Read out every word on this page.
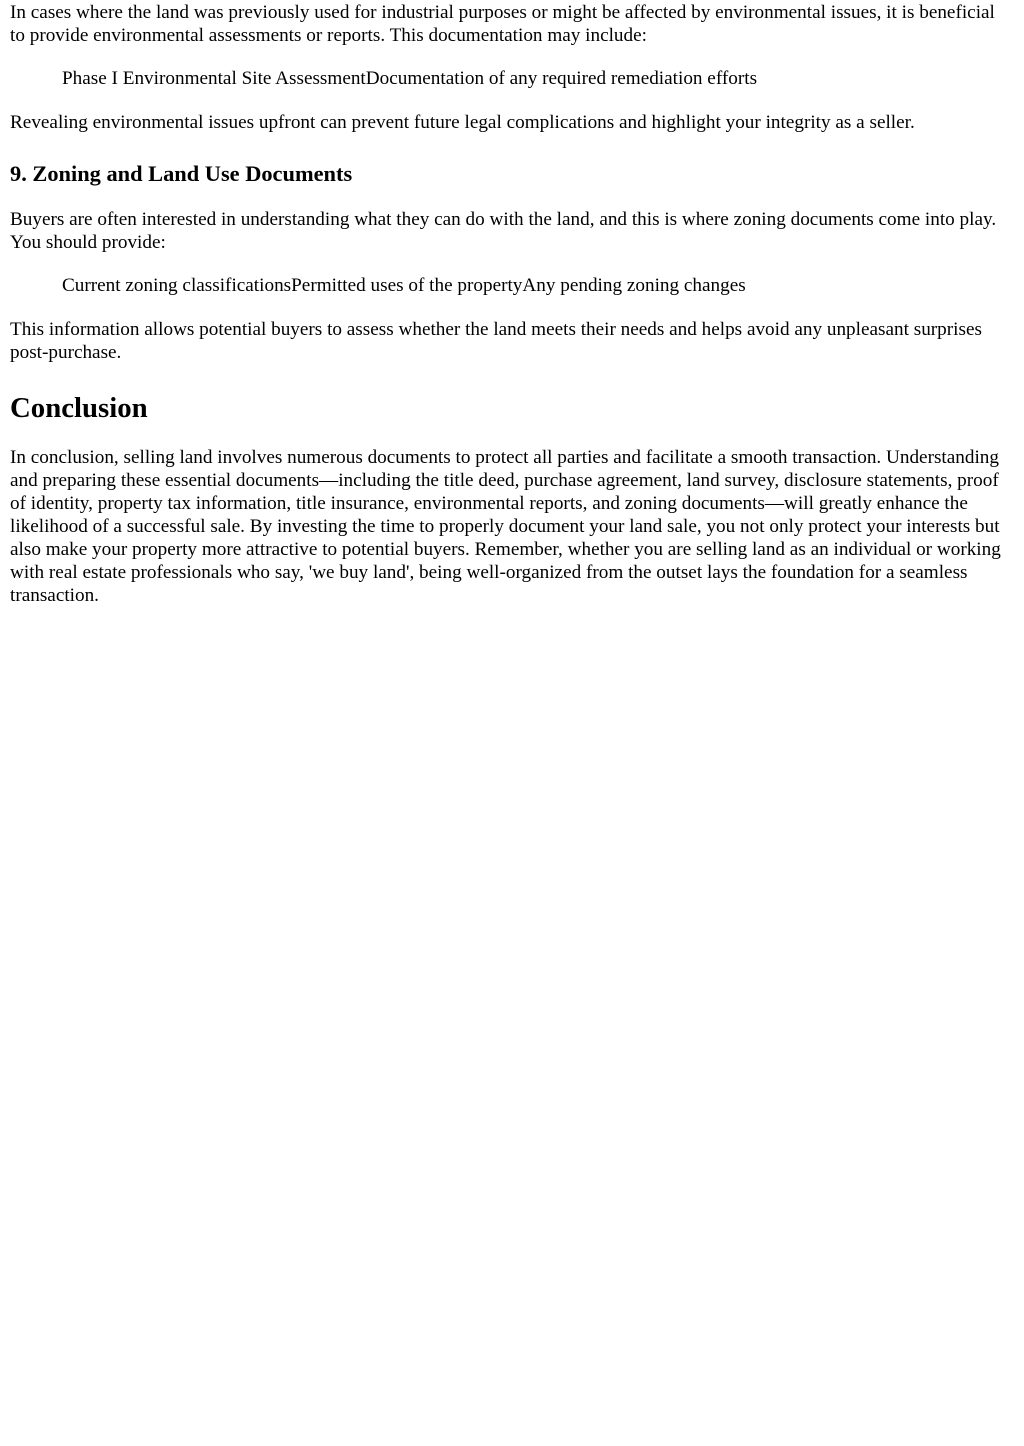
In cases where the land was previously used for industrial purposes or might be affected by environmental issues, it is beneficial to provide environmental assessments or reports. This documentation may include:

Phase I Environmental Site AssessmentDocumentation of any required remediation efforts

Revealing environmental issues upfront can prevent future legal complications and highlight your integrity as a seller.

9. Zoning and Land Use Documents

Buyers are often interested in understanding what they can do with the land, and this is where zoning documents come into play. You should provide:

Current zoning classificationsPermitted uses of the propertyAny pending zoning changes

This information allows potential buyers to assess whether the land meets their needs and helps avoid any unpleasant surprises post-purchase.

Conclusion

In conclusion, selling land involves numerous documents to protect all parties and facilitate a smooth transaction. Understanding and preparing these essential documents—including the title deed, purchase agreement, land survey, disclosure statements, proof of identity, property tax information, title insurance, environmental reports, and zoning documents—will greatly enhance the likelihood of a successful sale. By investing the time to properly document your land sale, you not only protect your interests but also make your property more attractive to potential buyers. Remember, whether you are selling land as an individual or working with real estate professionals who say, 'we buy land', being well-organized from the outset lays the foundation for a seamless transaction.
